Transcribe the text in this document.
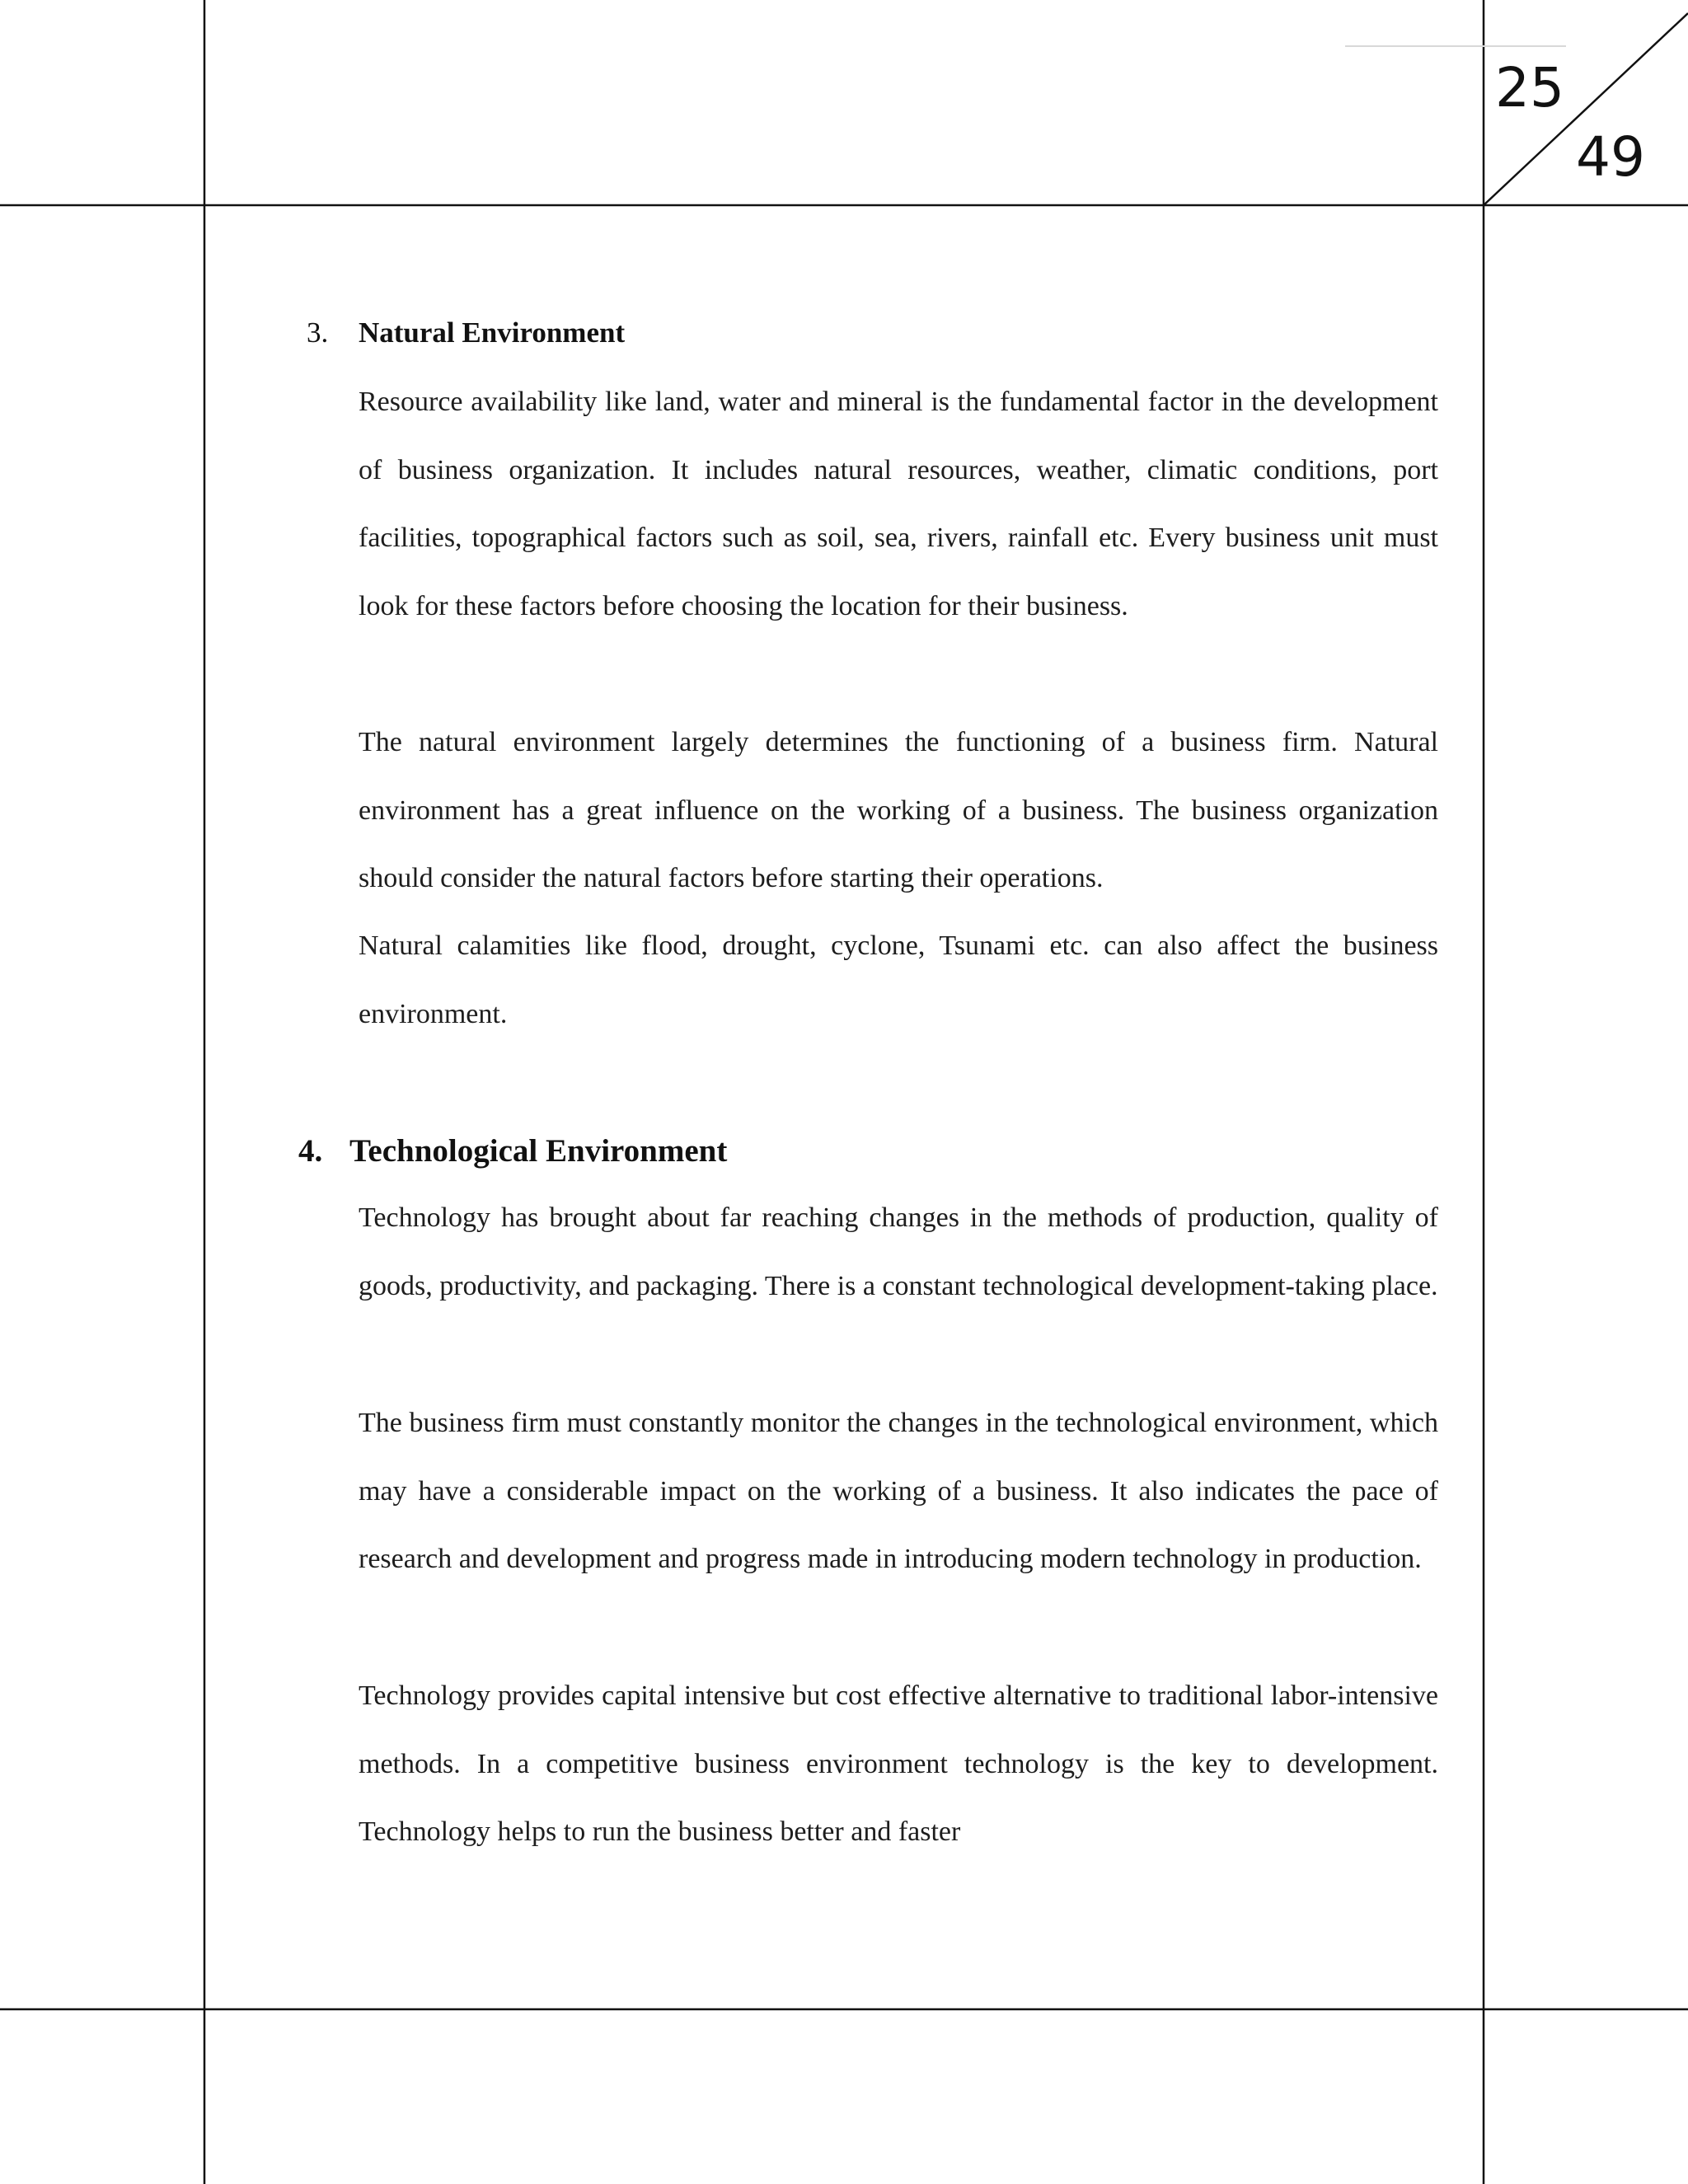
25
49
3. Natural Environment

Resource availability like land, water and mineral is the fundamental factor in the development of business organization. It includes natural resources, weather, climatic conditions, port facilities, topographical factors such as soil, sea, rivers, rainfall etc. Every business unit must look for these factors before choosing the location for their business.

The natural environment largely determines the functioning of a business firm. Natural environment has a great influence on the working of a business. The business organization should consider the natural factors before starting their operations.

Natural calamities like flood, drought, cyclone, Tsunami etc. can also affect the business environment.

4. Technological Environment

Technology has brought about far reaching changes in the methods of production, quality of goods, productivity, and packaging. There is a constant technological development-taking place.

The business firm must constantly monitor the changes in the technological environment, which may have a considerable impact on the working of a business. It also indicates the pace of research and development and progress made in introducing modern technology in production.

Technology provides capital intensive but cost effective alternative to traditional labor-intensive methods. In a competitive business environment technology is the key to development. Technology helps to run the business better and faster
